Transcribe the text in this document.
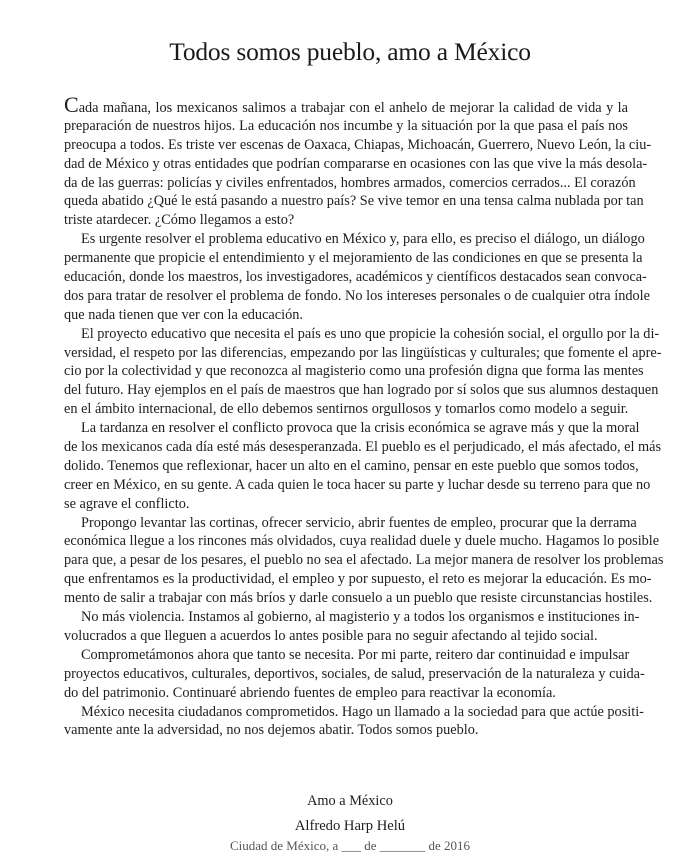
Todos somos pueblo, amo a México
Cada mañana, los mexicanos salimos a trabajar con el anhelo de mejorar la calidad de vida y la
preparación de nuestros hijos. La educación nos incumbe y la situación por la que pasa el país nos
preocupa a todos. Es triste ver escenas de Oaxaca, Chiapas, Michoacán, Guerrero, Nuevo León, la ciu-
dad de México y otras entidades que podrían compararse en ocasiones con las que vive la más desola-
da de las guerras: policías y civiles enfrentados, hombres armados, comercios cerrados... El corazón
queda abatido ¿Qué le está pasando a nuestro país? Se vive temor en una tensa calma nublada por tan
triste atardecer. ¿Cómo llegamos a esto?
Es urgente resolver el problema educativo en México y, para ello, es preciso el diálogo, un diálogo
permanente que propicie el entendimiento y el mejoramiento de las condiciones en que se presenta la
educación, donde los maestros, los investigadores, académicos y científicos destacados sean convoca-
dos para tratar de resolver el problema de fondo. No los intereses personales o de cualquier otra índole
que nada tienen que ver con la educación.
El proyecto educativo que necesita el país es uno que propicie la cohesión social, el orgullo por la di-
versidad, el respeto por las diferencias, empezando por las lingüísticas y culturales; que fomente el apre-
cio por la colectividad y que reconozca al magisterio como una profesión digna que forma las mentes
del futuro. Hay ejemplos en el país de maestros que han logrado por sí solos que sus alumnos destaquen
en el ámbito internacional, de ello debemos sentirnos orgullosos y tomarlos como modelo a seguir.
La tardanza en resolver el conflicto provoca que la crisis económica se agrave más y que la moral
de los mexicanos cada día esté más desesperanzada. El pueblo es el perjudicado, el más afectado, el más
dolido. Tenemos que reflexionar, hacer un alto en el camino, pensar en este pueblo que somos todos,
creer en México, en su gente. A cada quien le toca hacer su parte y luchar desde su terreno para que no
se agrave el conflicto.
Propongo levantar las cortinas, ofrecer servicio, abrir fuentes de empleo, procurar que la derrama
económica llegue a los rincones más olvidados, cuya realidad duele y duele mucho. Hagamos lo posible
para que, a pesar de los pesares, el pueblo no sea el afectado. La mejor manera de resolver los problemas
que enfrentamos es la productividad, el empleo y por supuesto, el reto es mejorar la educación. Es mo-
mento de salir a trabajar con más bríos y darle consuelo a un pueblo que resiste circunstancias hostiles.
No más violencia. Instamos al gobierno, al magisterio y a todos los organismos e instituciones in-
volucrados a que lleguen a acuerdos lo antes posible para no seguir afectando al tejido social.
Comprometámonos ahora que tanto se necesita. Por mi parte, reitero dar continuidad e impulsar
proyectos educativos, culturales, deportivos, sociales, de salud, preservación de la naturaleza y cuida-
do del patrimonio. Continuaré abriendo fuentes de empleo para reactivar la economía.
México necesita ciudadanos comprometidos. Hago un llamado a la sociedad para que actúe positi-
vamente ante la adversidad, no nos dejemos abatir. Todos somos pueblo.
Amo a México
Alfredo Harp Helú
Ciudad de México, a ___ de _______ de 2016
